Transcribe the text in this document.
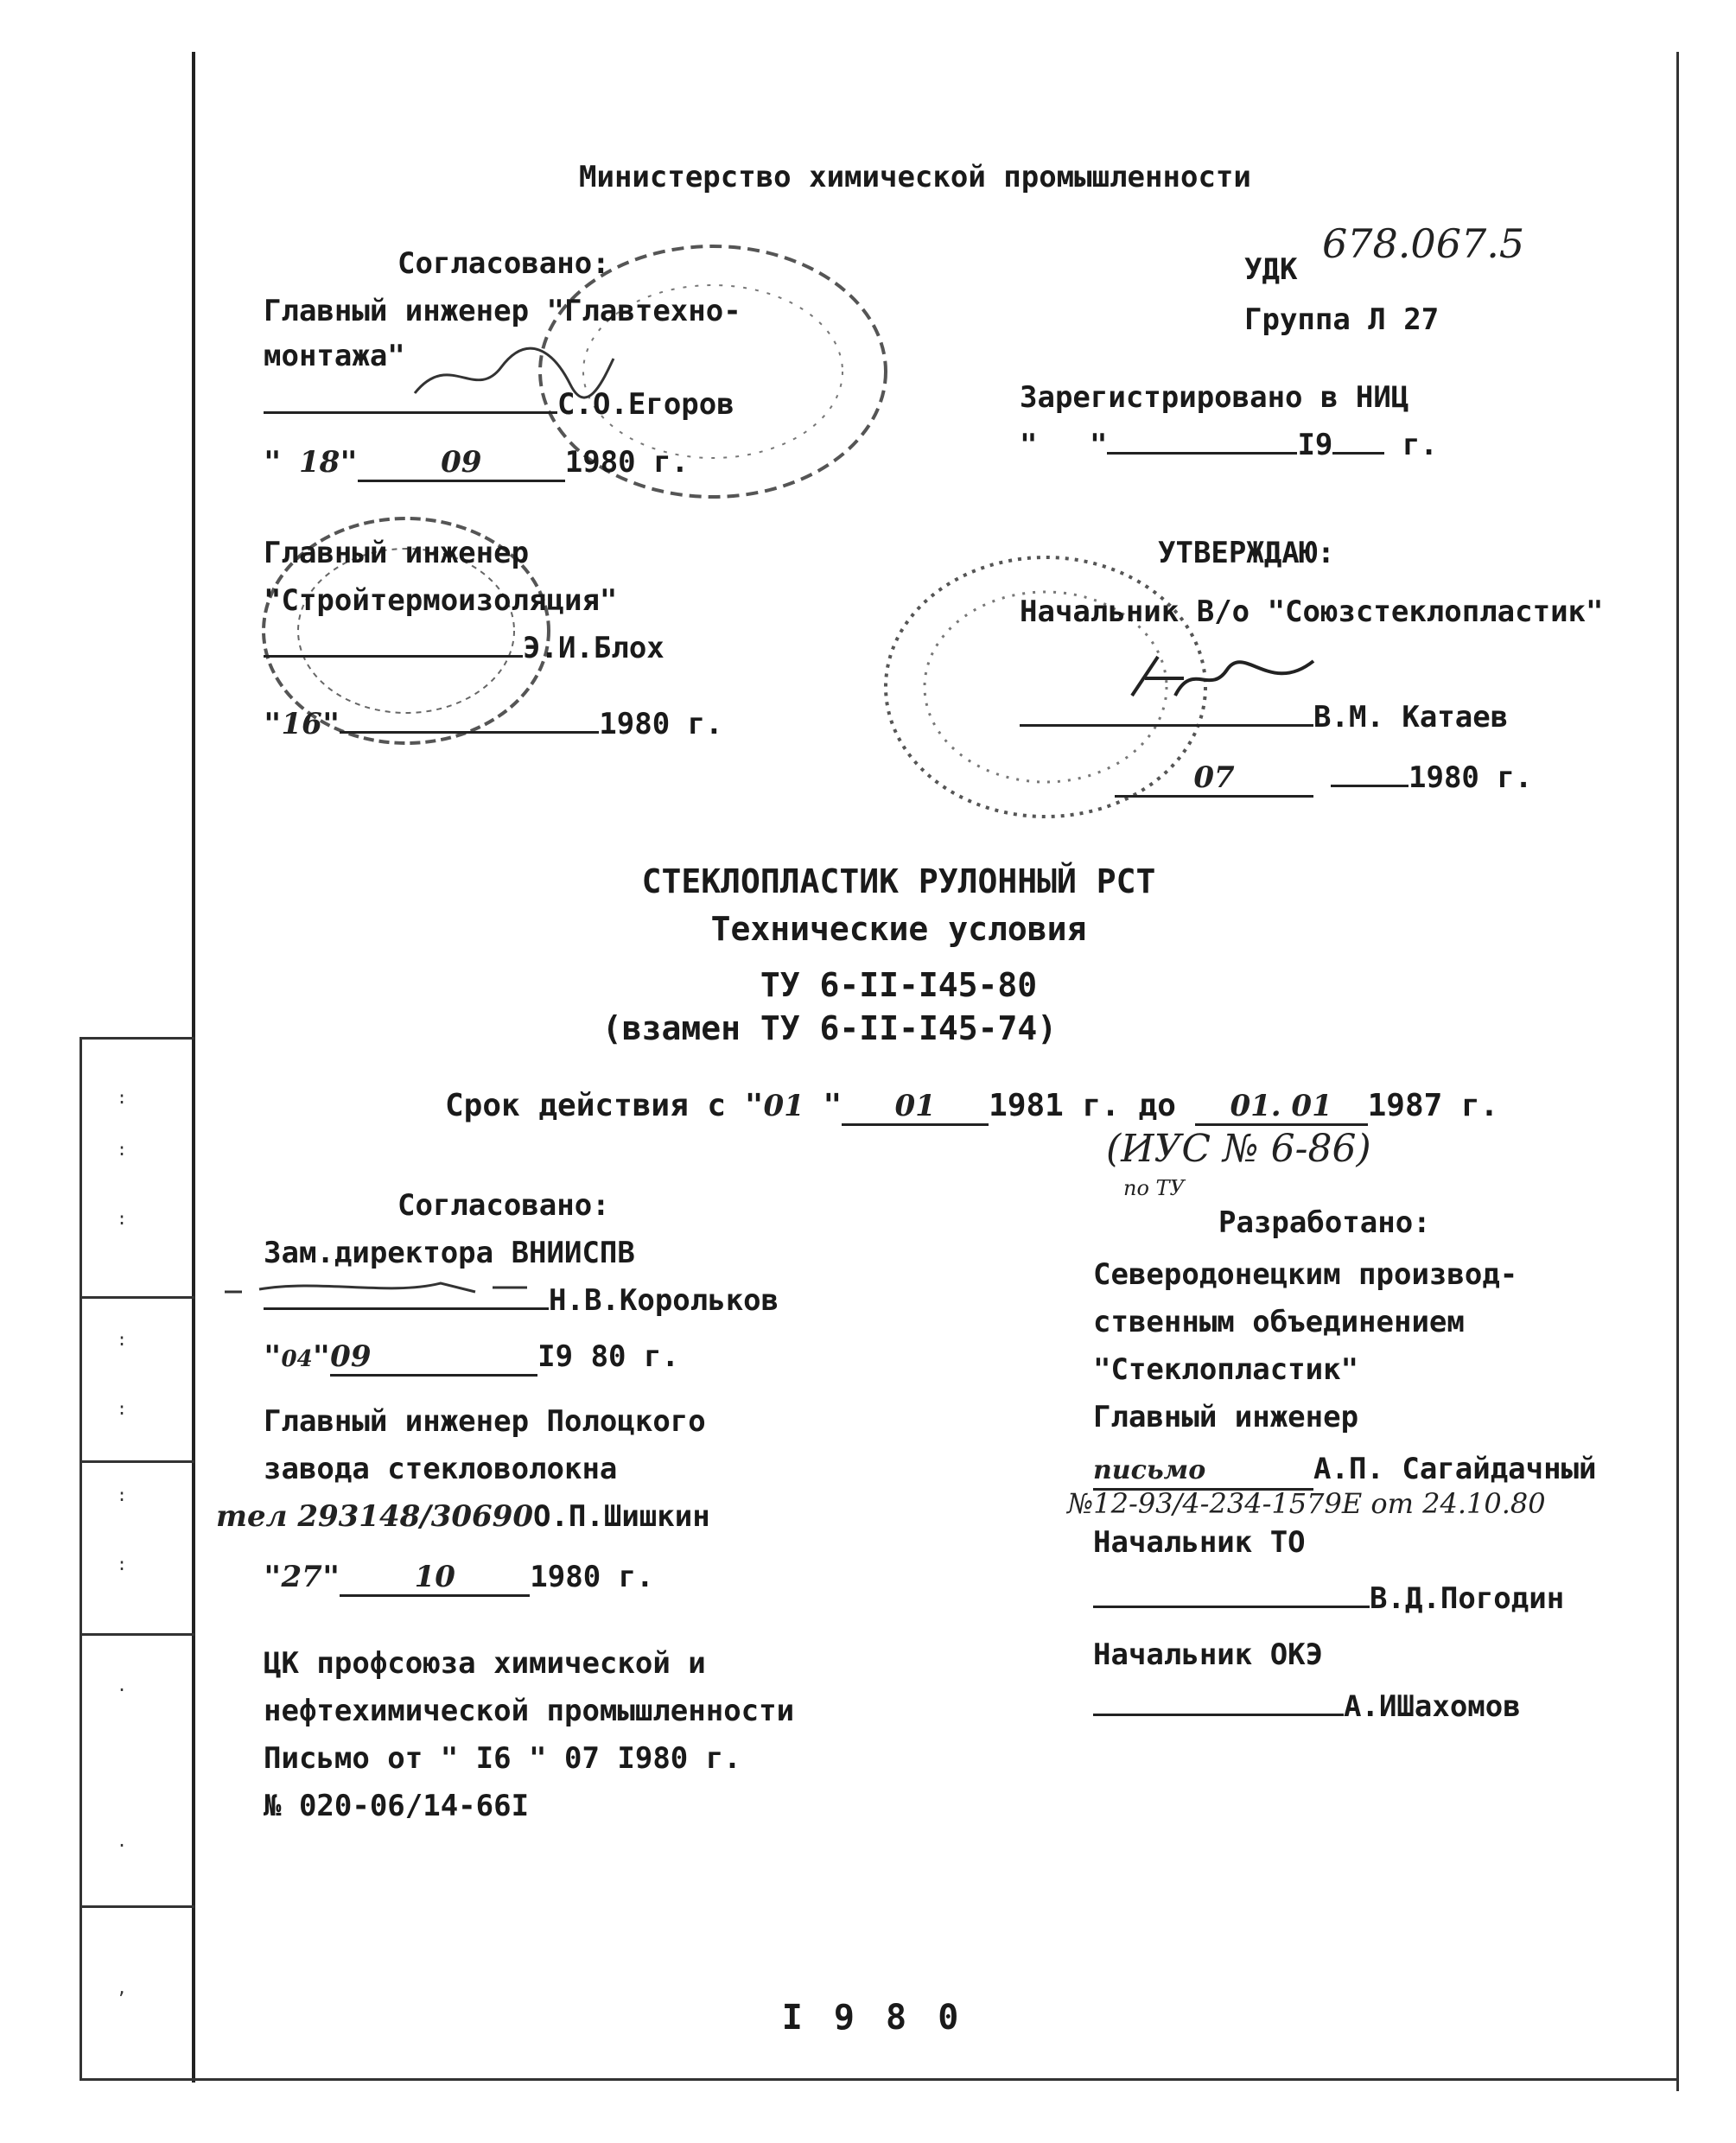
:
:
:
:
:
:
:
.
.
,
Министерство химической промышленности
УДК
678.067.5
Группа Л 27
Зарегистрировано в НИЦ
" "	I9 г.
Согласовано:
Главный инженер "Главтехно-
монтажа"
С.О.Егоров
" 18"	09	1980 г.
Главный инженер
"Стройтермоизоляция"
Э.И.Блох
"16"	1980 г.
УТВЕРЖДАЮ:
Начальник В/о "Союзстеклопластик"
В.М. Катаев
07	1980 г.
СТЕКЛОПЛАСТИК РУЛОННЫЙ РСТ
Технические условия
ТУ 6-II-I45-80
(взамен ТУ 6-II-I45-74)
Срок действия с "01 " 01 1981 г. до 01. 01 1987 г.
(ИУС № 6-86)
по ТУ
Согласовано:
Зам.директора ВНИИСПВ
Н.В.Корольков
"04"09	I9 80 г.
Главный инженер Полоцкого
завода стекловолокна
тел 293148/30690О.П.Шишкин
"27"	10	1980 г.
ЦК профсоюза химической и
нефтехимической промышленности
Письмо от " I6 " 07 I980 г.
№ 020-06/14-66I
Разработано:
Северодонецким производ-
ственным объединением
"Стеклопластик"
Главный инженер
письмо	А.П. Сагайдачный
№12-93/4-234-1579Е от 24.10.80
Начальник ТО
В.Д.Погодин
Начальник ОКЭ
А.ИШахомов
I 9 8 0
